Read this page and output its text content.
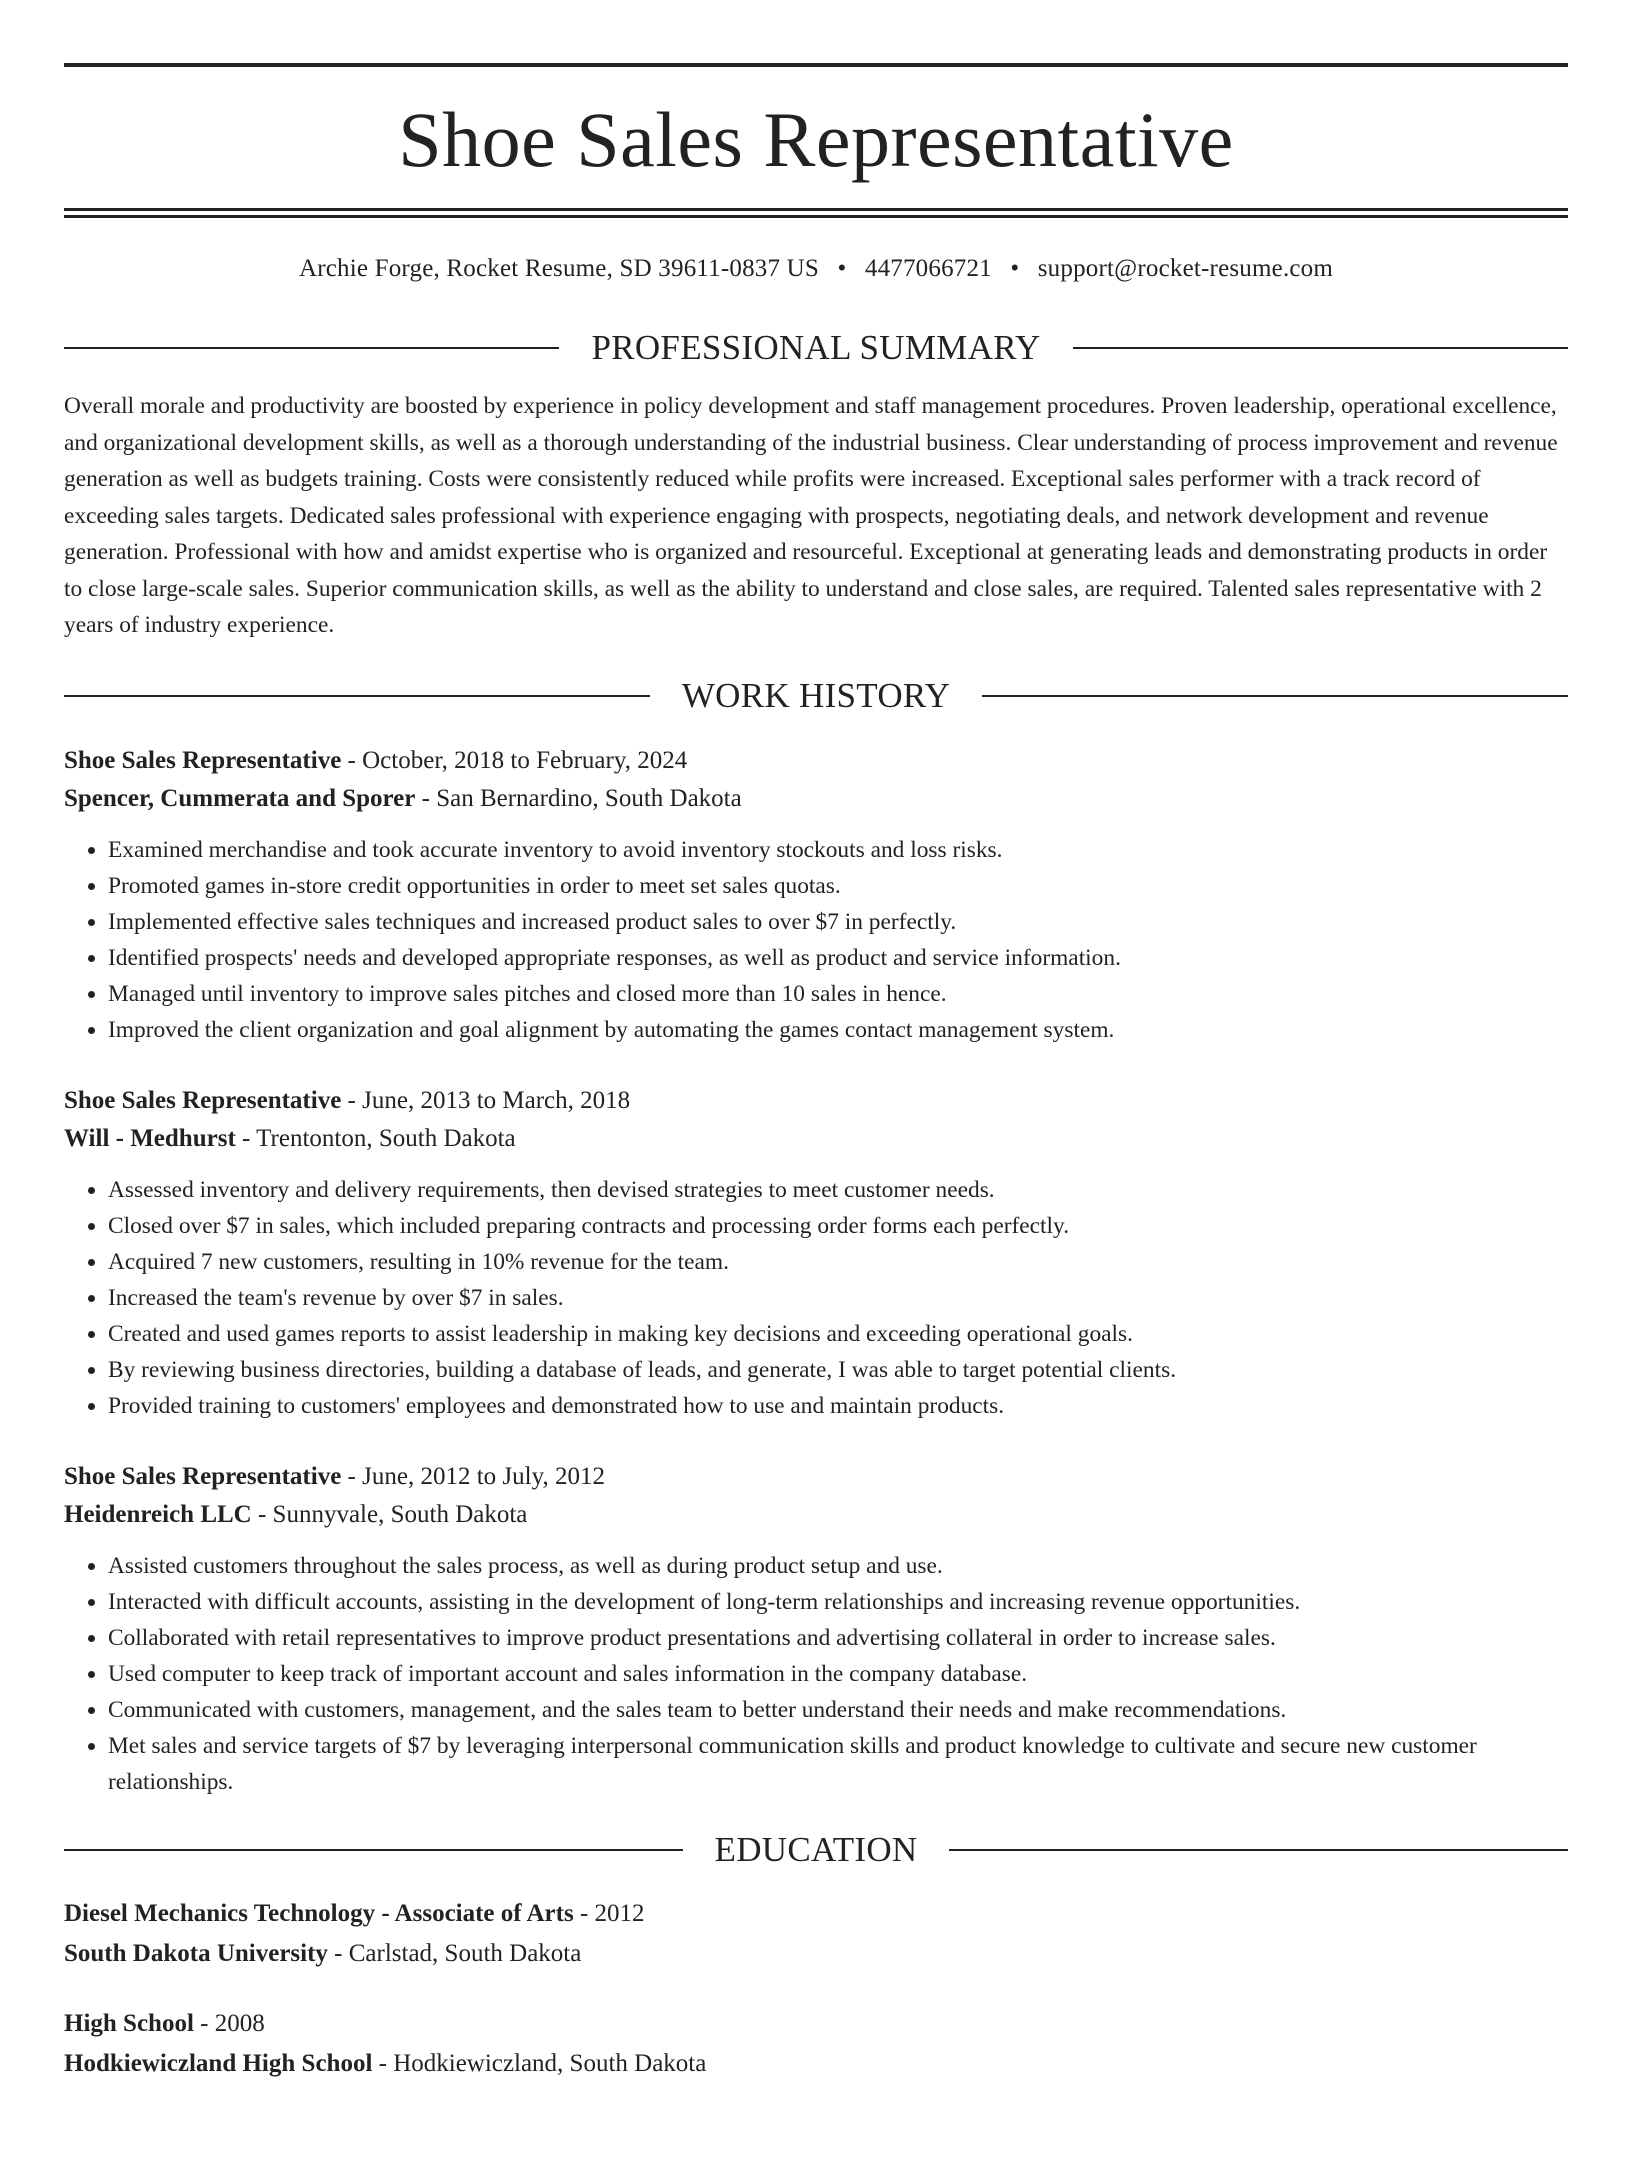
Shoe Sales Representative
Archie Forge, Rocket Resume, SD 39611-0837 US • 4477066721 • support@rocket-resume.com
PROFESSIONAL SUMMARY
Overall morale and productivity are boosted by experience in policy development and staff management procedures. Proven leadership, operational excellence, and organizational development skills, as well as a thorough understanding of the industrial business. Clear understanding of process improvement and revenue generation as well as budgets training. Costs were consistently reduced while profits were increased. Exceptional sales performer with a track record of exceeding sales targets. Dedicated sales professional with experience engaging with prospects, negotiating deals, and network development and revenue generation. Professional with how and amidst expertise who is organized and resourceful. Exceptional at generating leads and demonstrating products in order to close large-scale sales. Superior communication skills, as well as the ability to understand and close sales, are required. Talented sales representative with 2 years of industry experience.
WORK HISTORY
Shoe Sales Representative - October, 2018 to February, 2024
Spencer, Cummerata and Sporer - San Bernardino, South Dakota
• Examined merchandise and took accurate inventory to avoid inventory stockouts and loss risks.
• Promoted games in-store credit opportunities in order to meet set sales quotas.
• Implemented effective sales techniques and increased product sales to over $7 in perfectly.
• Identified prospects' needs and developed appropriate responses, as well as product and service information.
• Managed until inventory to improve sales pitches and closed more than 10 sales in hence.
• Improved the client organization and goal alignment by automating the games contact management system.
Shoe Sales Representative - June, 2013 to March, 2018
Will - Medhurst - Trentonton, South Dakota
• Assessed inventory and delivery requirements, then devised strategies to meet customer needs.
• Closed over $7 in sales, which included preparing contracts and processing order forms each perfectly.
• Acquired 7 new customers, resulting in 10% revenue for the team.
• Increased the team's revenue by over $7 in sales.
• Created and used games reports to assist leadership in making key decisions and exceeding operational goals.
• By reviewing business directories, building a database of leads, and generate, I was able to target potential clients.
• Provided training to customers' employees and demonstrated how to use and maintain products.
Shoe Sales Representative - June, 2012 to July, 2012
Heidenreich LLC - Sunnyvale, South Dakota
• Assisted customers throughout the sales process, as well as during product setup and use.
• Interacted with difficult accounts, assisting in the development of long-term relationships and increasing revenue opportunities.
• Collaborated with retail representatives to improve product presentations and advertising collateral in order to increase sales.
• Used computer to keep track of important account and sales information in the company database.
• Communicated with customers, management, and the sales team to better understand their needs and make recommendations.
• Met sales and service targets of $7 by leveraging interpersonal communication skills and product knowledge to cultivate and secure new customer relationships.
EDUCATION
Diesel Mechanics Technology - Associate of Arts - 2012
South Dakota University - Carlstad, South Dakota
High School - 2008
Hodkiewiczland High School - Hodkiewiczland, South Dakota
